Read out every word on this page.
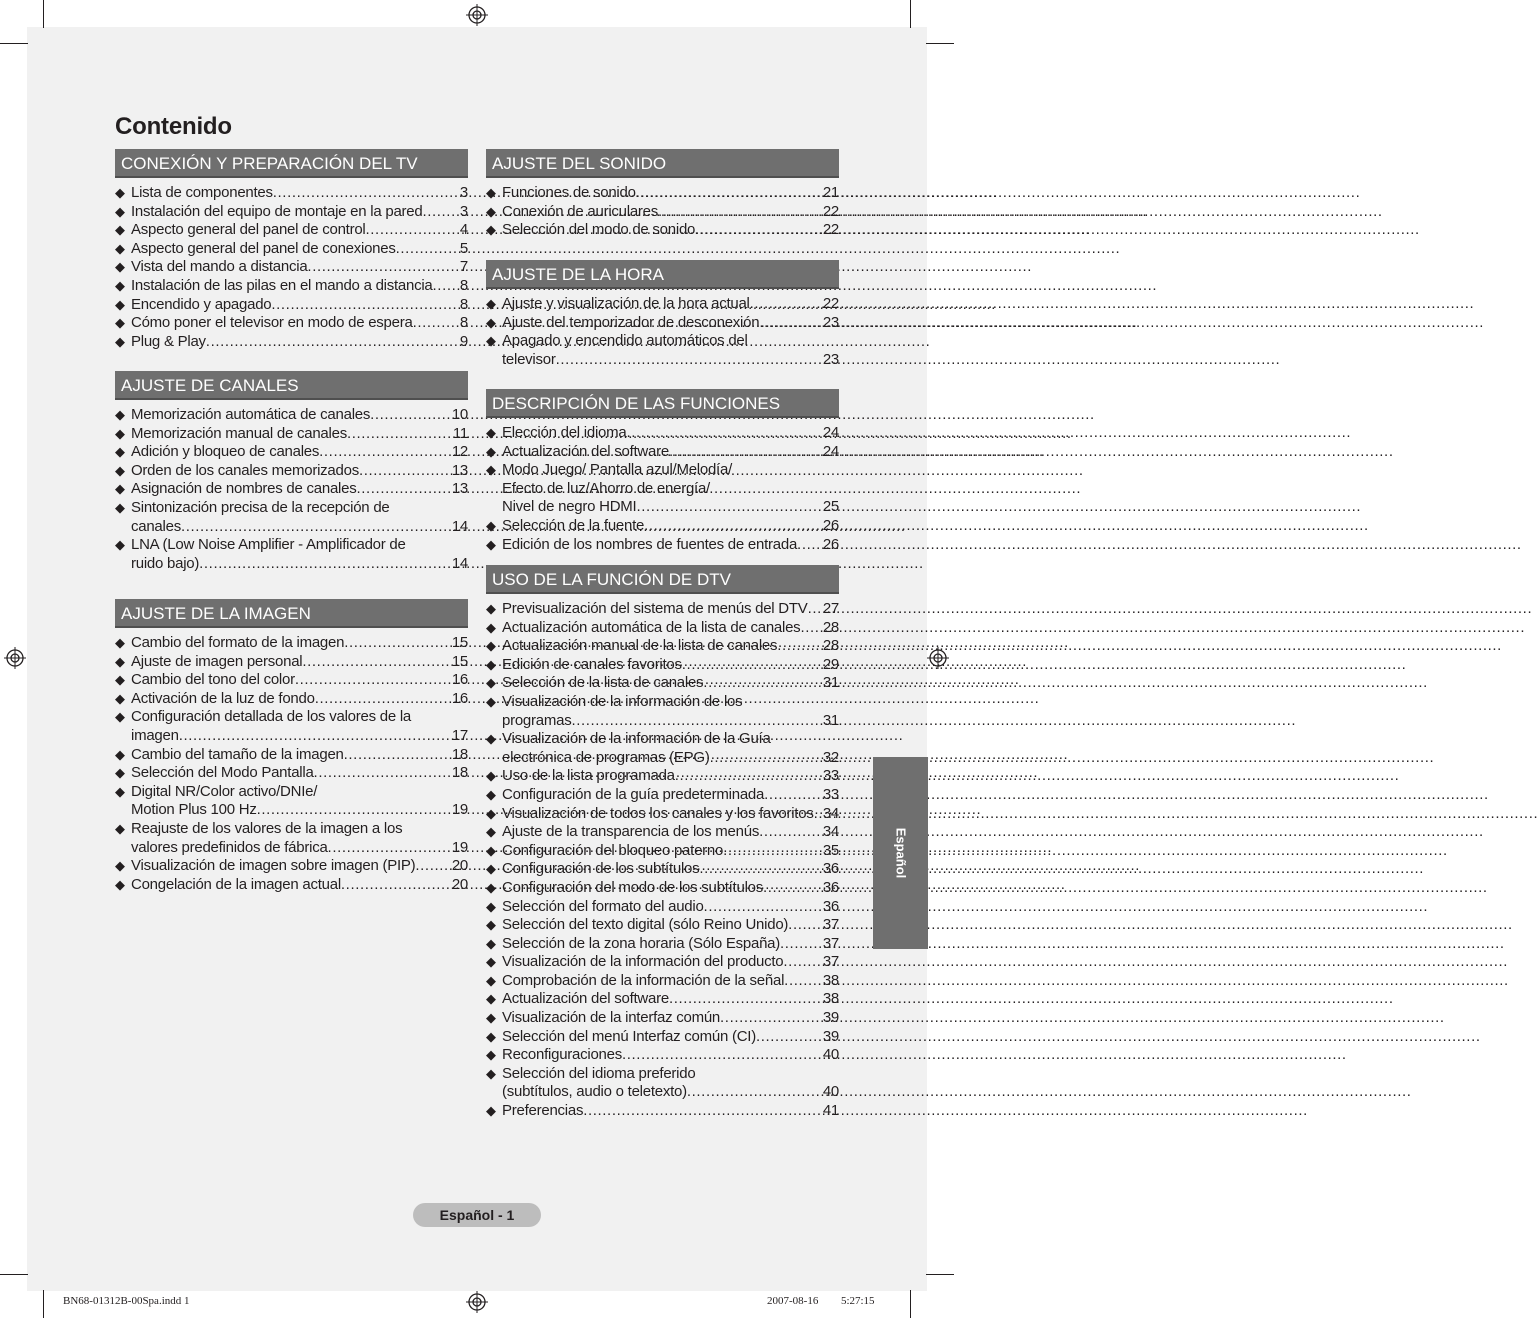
Contenido
CONEXIÓN Y PREPARACIÓN DEL TV
◆ Lista de componentes .....	3
◆ Instalación del equipo de montaje en la pared ..... 3
◆ Aspecto general del panel de control .....	4
◆ Aspecto general del panel de conexiones .....	5
◆ Vista del mando a distancia .....	7
◆ Instalación de las pilas en el mando a distancia ..... 8
◆ Encendido y apagado .....	8
◆ Cómo poner el televisor en modo de espera .....	8
◆ Plug & Play .....	9
AJUSTE DE CANALES
◆ Memorización automática de canales .....	10
◆ Memorización manual de canales .....	11
◆ Adición y bloqueo de canales .....	12
◆ Orden de los canales memorizados .....	13
◆ Asignación de nombres de canales .....	13
◆ Sintonización precisa de la recepción de
canales .....	14
◆ LNA (Low Noise Amplifier - Amplificador de
ruido bajo) .....	14
AJUSTE DE LA IMAGEN
◆ Cambio del formato de la imagen .....	15
◆ Ajuste de imagen personal .....	15
◆ Cambio del tono del color .....	16
◆ Activación de la luz de fondo .....	16
◆ Configuración detallada de los valores de la
imagen .....	17
◆ Cambio del tamaño de la imagen .....	18
◆ Selección del Modo Pantalla .....	18
◆ Digital NR/Color activo/DNIe/
Motion Plus 100 Hz .....	19
◆ Reajuste de los valores de la imagen a los
valores predefinidos de fábrica .....	19
◆ Visualización de imagen sobre imagen (PIP) ..... 20
◆ Congelación de la imagen actual .....	20
AJUSTE DEL SONIDO
◆ Funciones de sonido .....	21
◆ Conexión de auriculares .....	22
◆ Selección del modo de sonido .....	22
AJUSTE DE LA HORA
◆ Ajuste y visualización de la hora actual .....	22
◆ Ajuste del temporizador de desconexión .....	23
◆ Apagado y encendido automáticos del
televisor .....	23
DESCRIPCIÓN DE LAS FUNCIONES
◆ Elección del idioma .....	24
◆ Actualización del software .....	24
◆ Modo Juego/ Pantalla azul/Melodía/
Efecto de luz/Ahorro de energía/
Nivel de negro HDMI .....	25
◆ Selección de la fuente .....	26
◆ Edición de los nombres de fuentes de entrada ..... 26
USO DE LA FUNCIÓN DE DTV
◆ Previsualización del sistema de menús del DTV ..... 27
◆ Actualización automática de la lista de canales ..... 28
◆ Actualización manual de la lista de canales .....	28
◆ Edición de canales favoritos .....	29
◆ Selección de la lista de canales .....	31
◆ Visualización de la información de los
programas .....	31
◆ Visualización de la información de la Guía
electrónica de programas (EPG) .....	32
◆ Uso de la lista programada .....	33
◆ Configuración de la guía predeterminada .....	33
◆ Visualización de todos los canales y los favoritos ..... 34
◆ Ajuste de la transparencia de los menús .....	34
◆ Configuración del bloqueo paterno .....	35
◆ Configuración de los subtítulos .....	36
◆ Configuración del modo de los subtítulos .....	36
◆ Selección del formato del audio .....	36
◆ Selección del texto digital (sólo Reino Unido) ..... 37
◆ Selección de la zona horaria (Sólo España) .....	37
◆ Visualización de la información del producto .....	37
◆ Comprobación de la información de la señal .....	38
◆ Actualización del software .....	38
◆ Visualización de la interfaz común .....	39
◆ Selección del menú Interfaz común (CI) .....	39
◆ Reconfiguraciones .....	40
◆ Selección del idioma preferido
(subtítulos, audio o teletexto) .....	40
◆ Preferencias .....	41
Español
Español - 1
BN68-01312B-00Spa.indd 1	2007-08-16 ￿￿ 5:27:15
